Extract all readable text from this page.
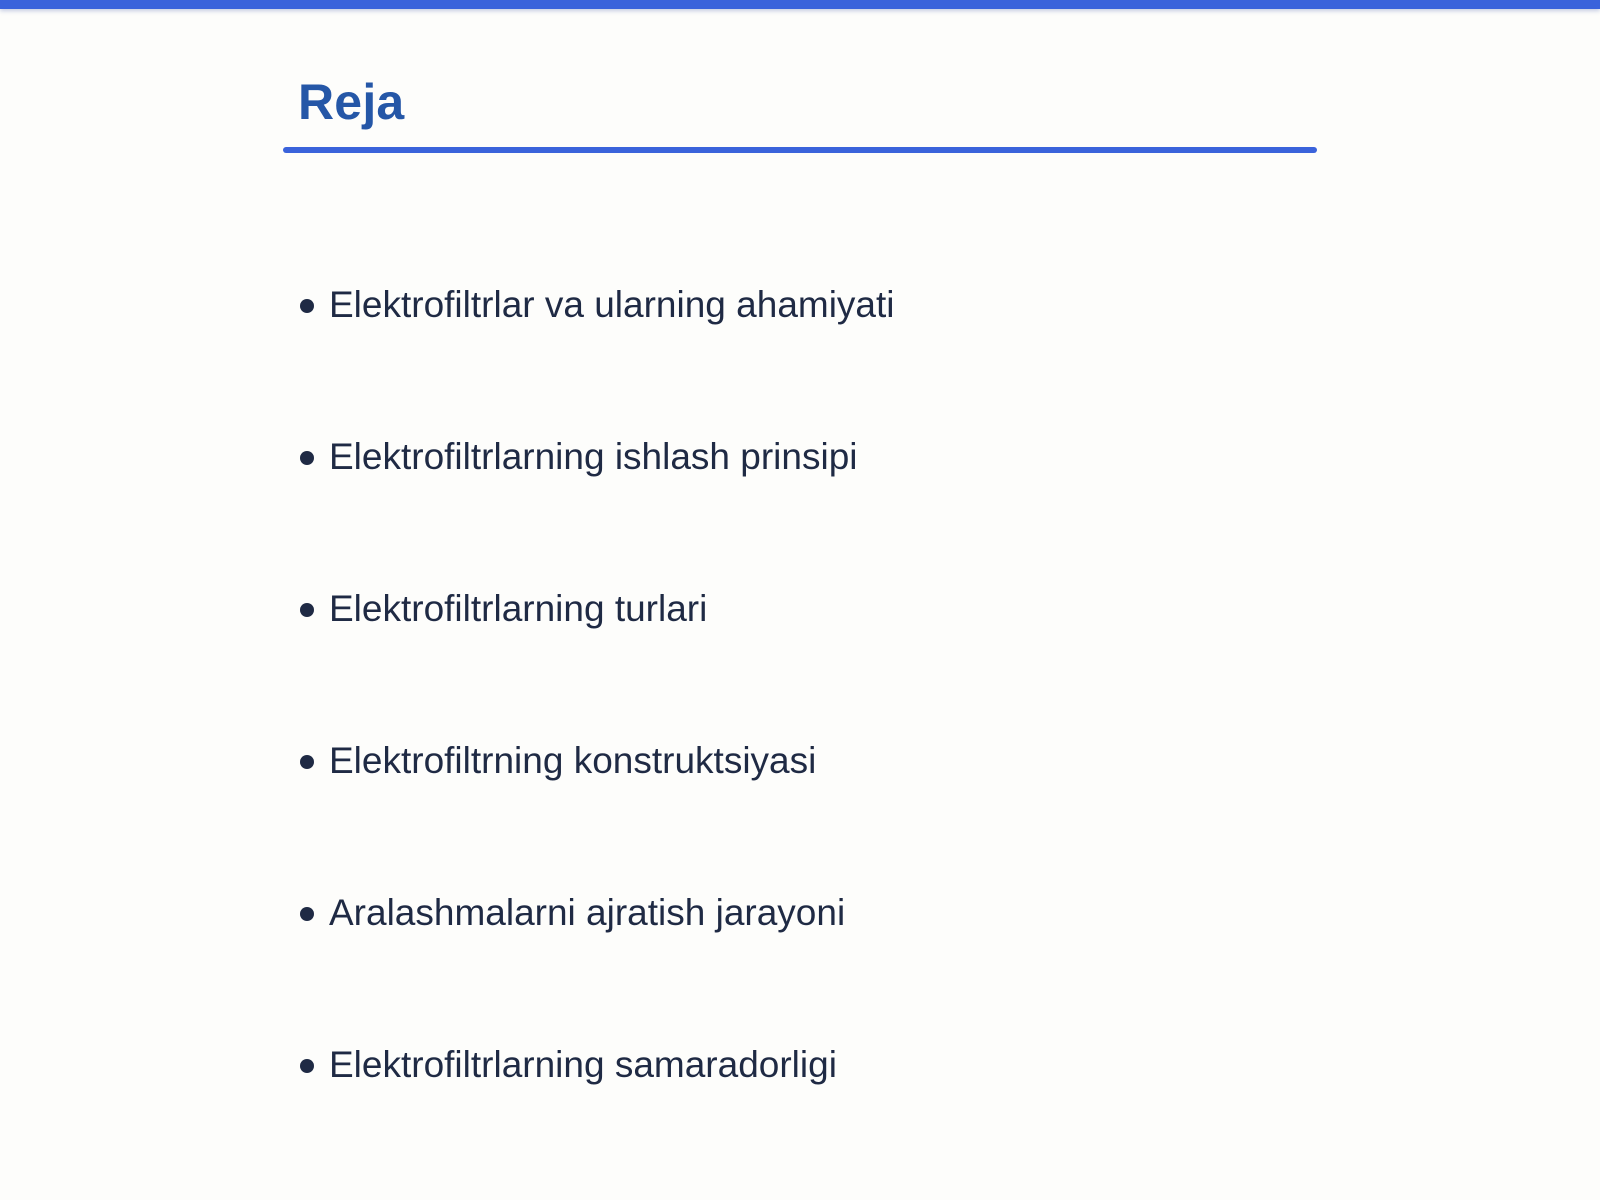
Reja
Elektrofiltrlar va ularning ahamiyati
Elektrofiltrlarning ishlash prinsipi
Elektrofiltrlarning turlari
Elektrofiltrning konstruktsiyasi
Aralashmalarni ajratish jarayoni
Elektrofiltrlarning samaradorligi
